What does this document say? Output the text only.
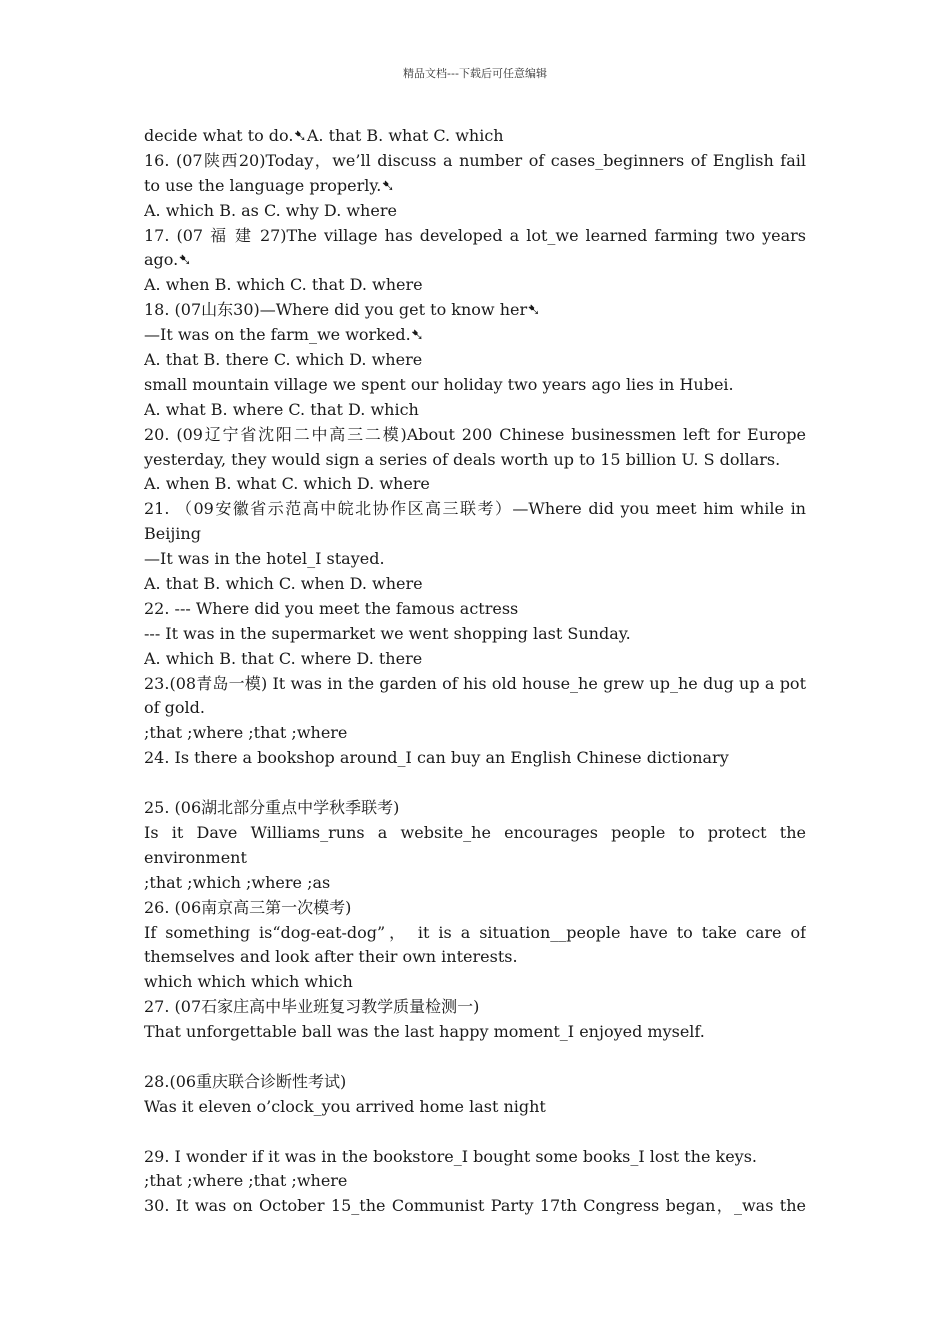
精品文档---下载后可任意编辑
decide what to do.➷A. that B. what C. which
16. (07陕西20)Today，we’ll discuss a number of cases_beginners of English fail
to use the language properly.➷
A. which B. as C. why D. where
17. (07 福 建 27)The village has developed a lot_we learned farming two years
ago.➷
A. when B. which C. that D. where
18. (07山东30)—Where did you get to know her➷
—It was on the farm_we worked.➷
A. that B. there C. which D. where
small mountain village we spent our holiday two years ago lies in Hubei.
A. what B. where C. that D. which
20. (09辽宁省沈阳二中高三二模)About 200 Chinese businessmen left for Europe
yesterday, they would sign a series of deals worth up to 15 billion U. S dollars.
A. when B. what C. which D. where
21. （09安徽省示范高中皖北协作区高三联考）—Where did you meet him while in
Beijing
—It was in the hotel_I stayed.
A. that B. which C. when D. where
22. --- Where did you meet the famous actress
--- It was in the supermarket we went shopping last Sunday.
A. which B. that C. where D. there
23.(08青岛一模) It was in the garden of his old house_he grew up_he dug up a pot
of gold.
;that ;where ;that ;where
24. Is there a bookshop around_I can buy an English Chinese dictionary
25. (06湖北部分重点中学秋季联考)
Is it Dave Williams_runs a website_he encourages people to protect the
environment
;that ;which ;where ;as
26. (06南京高三第一次模考)
If something is“dog-eat-dog”， it is a situation__people have to take care of
themselves and look after their own interests.
which which which which
27. (07石家庄高中毕业班复习教学质量检测一)
That unforgettable ball was the last happy moment_I enjoyed myself.
28.(06重庆联合诊断性考试)
Was it eleven o’clock_you arrived home last night
29. I wonder if it was in the bookstore_I bought some books_I lost the keys.
;that ;where ;that ;where
30. It was on October 15_the Communist Party 17th Congress began，_was the
